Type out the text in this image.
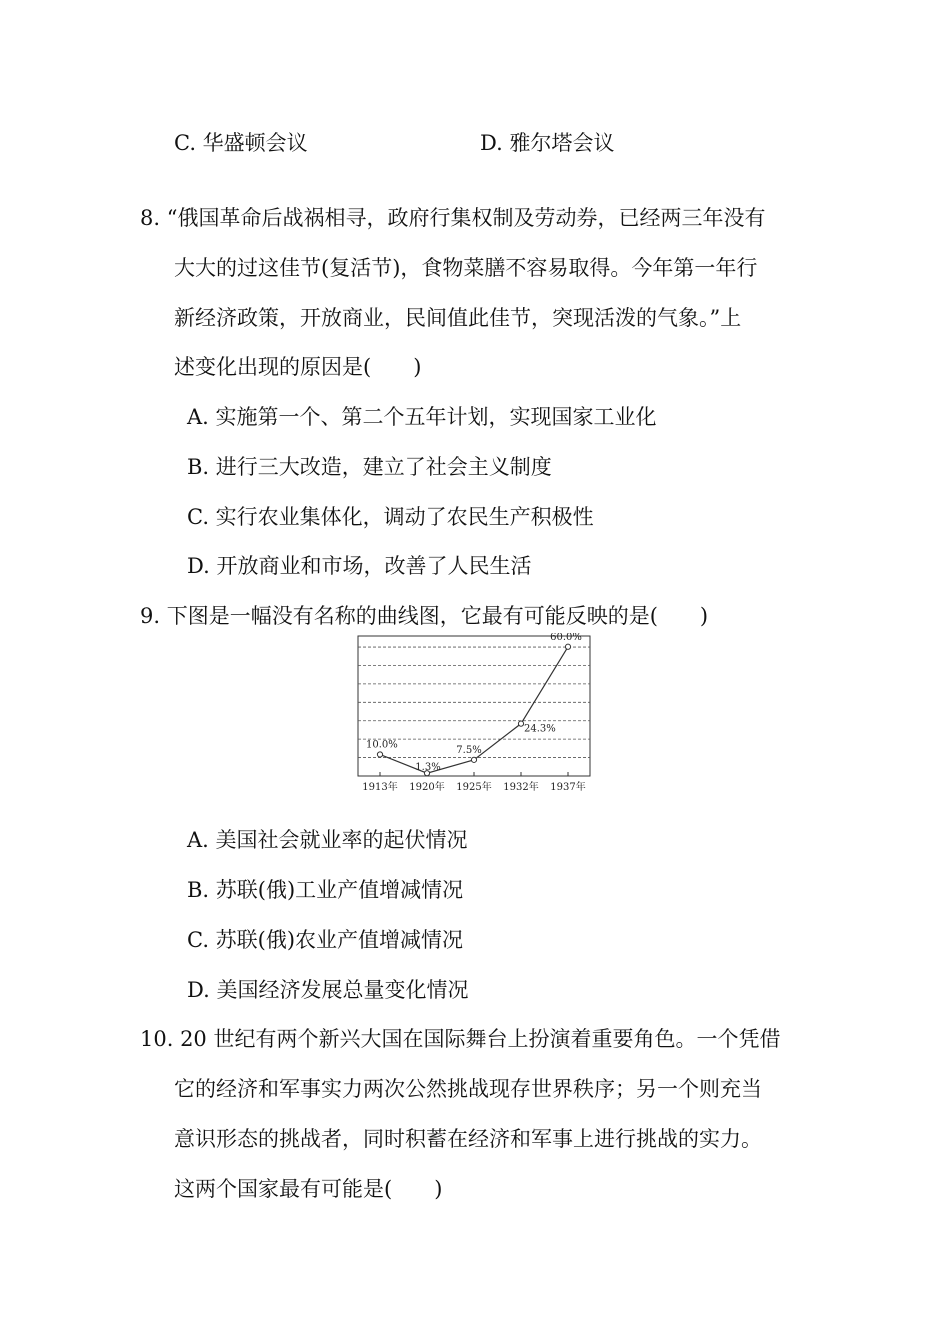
C. 华盛顿会议	D. 雅尔塔会议
8. “俄国革命后战祸相寻，政府行集权制及劳动券，已经两三年没有
大大的过这佳节(复活节)，食物菜膳不容易取得。今年第一年行
新经济政策，开放商业，民间值此佳节，突现活泼的气象。”上
述变化出现的原因是(　　)
A. 实施第一个、第二个五年计划，实现国家工业化
B. 进行三大改造，建立了社会主义制度
C. 实行农业集体化，调动了农民生产积极性
D. 开放商业和市场，改善了人民生活
9. 下图是一幅没有名称的曲线图，它最有可能反映的是(　　)
10.0%
1.3%
7.5%
24.3%
60.0%
1913年 1920年 1925年 1932年 1937年
A. 美国社会就业率的起伏情况
B. 苏联(俄)工业产值增减情况
C. 苏联(俄)农业产值增减情况
D. 美国经济发展总量变化情况
10. 20 世纪有两个新兴大国在国际舞台上扮演着重要角色。一个凭借
它的经济和军事实力两次公然挑战现存世界秩序；另一个则充当
意识形态的挑战者，同时积蓄在经济和军事上进行挑战的实力。
这两个国家最有可能是(　　)
